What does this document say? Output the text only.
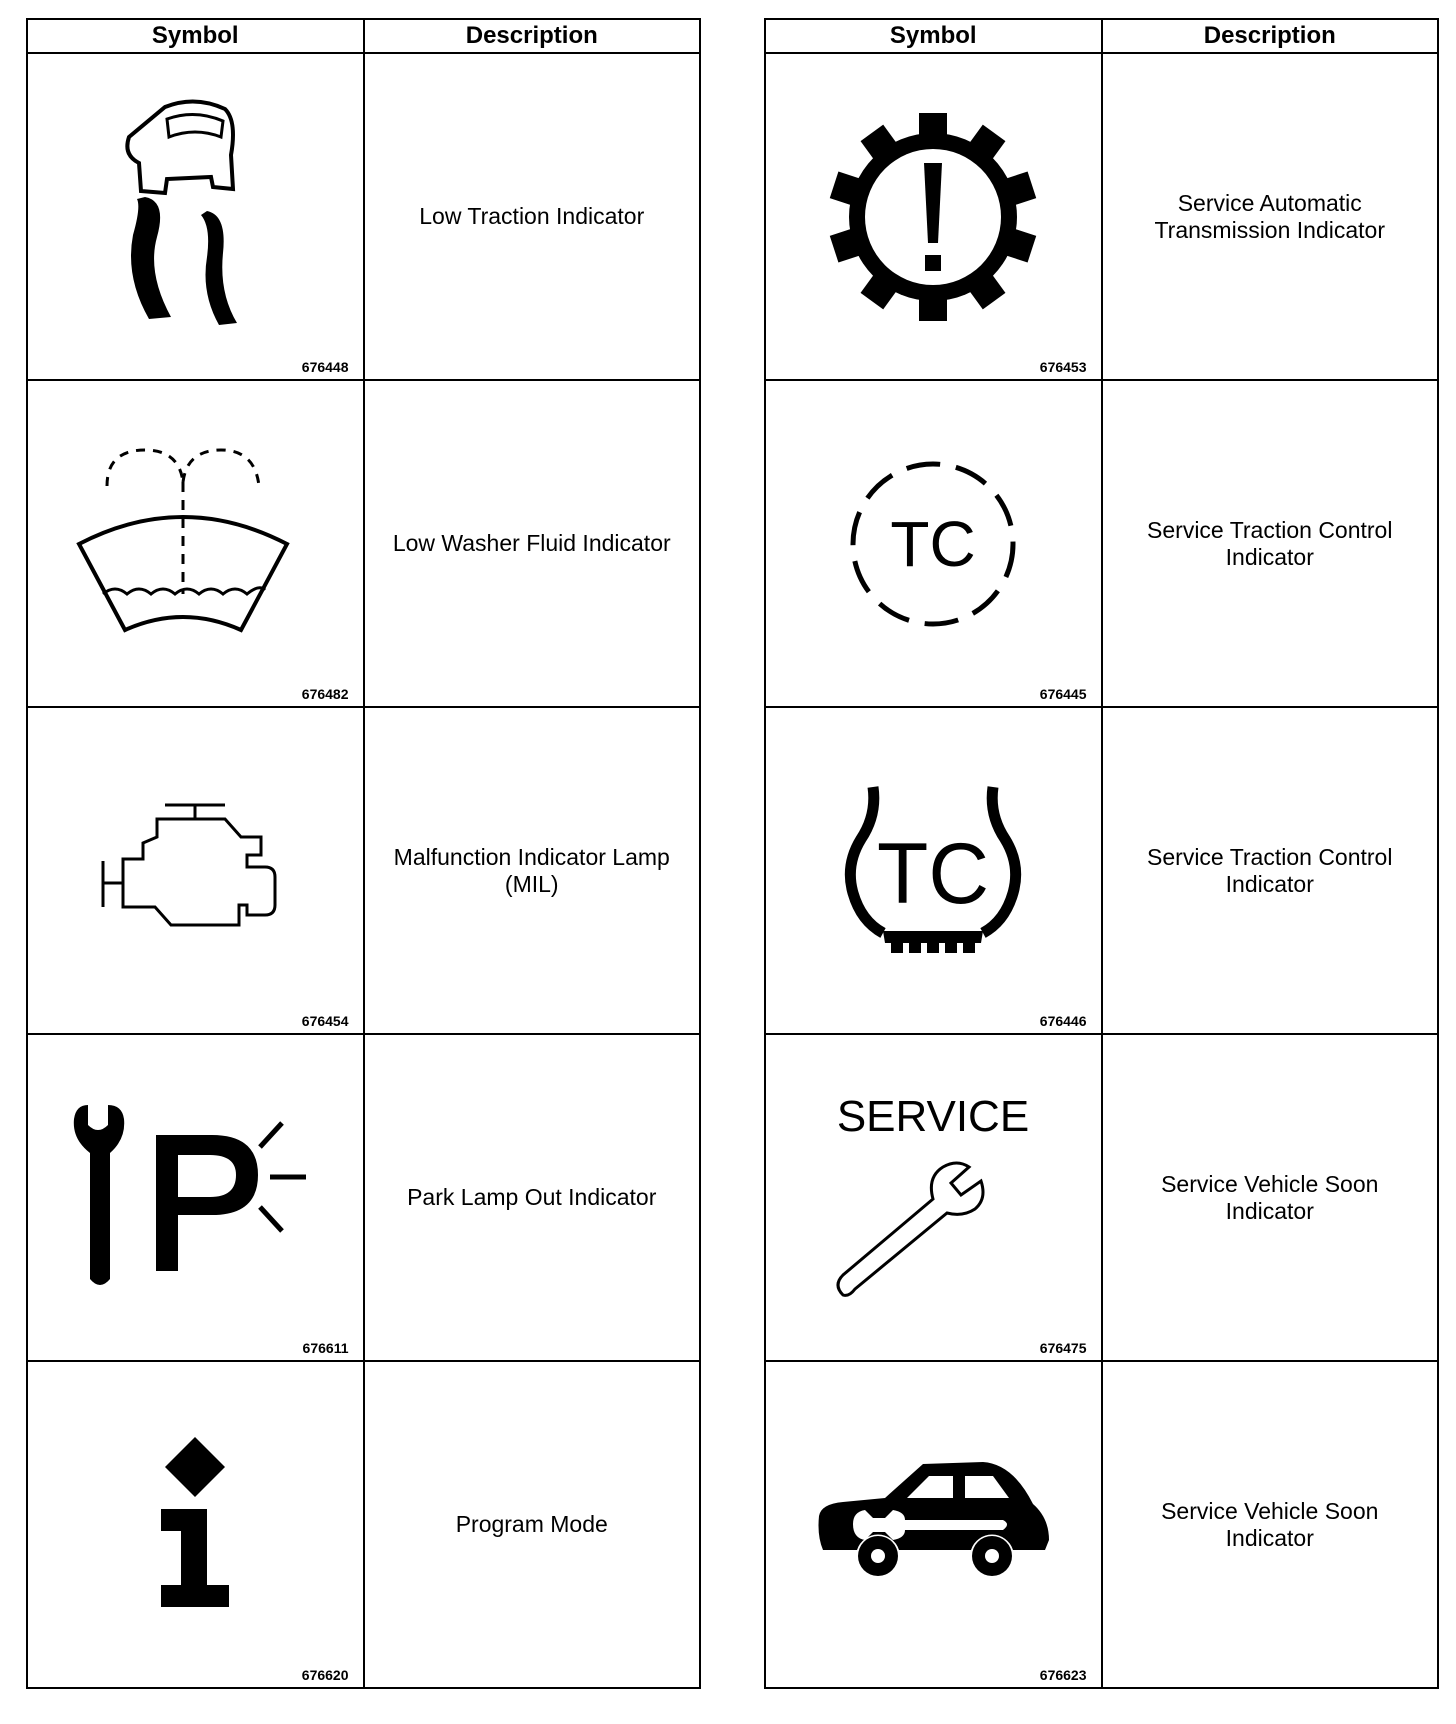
Symbol	Description

676448	Low Traction Indicator

676482	Low Washer Fluid Indicator

676454	Malfunction Indicator Lamp (MIL)

676611	Park Lamp Out Indicator

676620	Program Mode
Symbol	Description

676453	Service Automatic Transmission Indicator

TC
676445	Service Traction Control Indicator

TC
676446	Service Traction Control Indicator

SERVICE
676475	Service Vehicle Soon Indicator

676623	Service Vehicle Soon Indicator
